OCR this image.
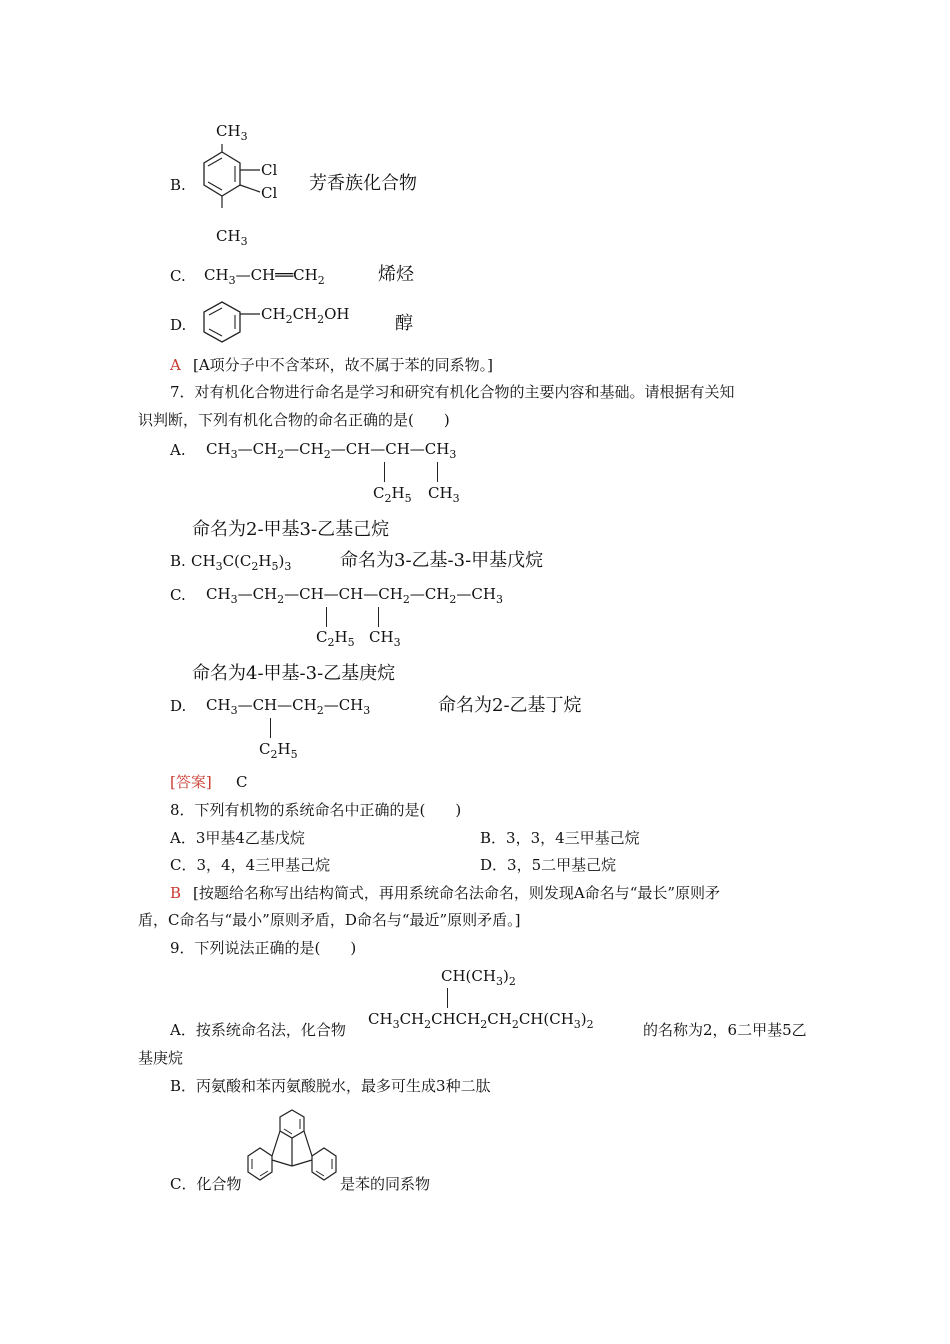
B.
$CH_3$
Cl
Cl
$CH_3$
芳香族化合物
C. $CH_3—CH══CH_2$	烯烃
D.
$CH_2CH_2OH$	醇
A [A项分子中不含苯环，故不属于苯的同系物。]
7．对有机化合物进行命名是学习和研究有机化合物的主要内容和基础。请根据有关知
识判断，下列有机化合物的命名正确的是(　　)
A. $CH_3—CH_2—CH_2—CH—CH—CH_3$
$C_2H_5$ $CH_3$
命名为2-甲基3-乙基己烷
B. $CH_3C(C_2H_5)_3$	命名为3-乙基-3-甲基戊烷
C. $CH_3—CH_2—CH—CH—CH_2—CH_2—CH_3$
$C_2H_5$ $CH_3$
命名为4-甲基-3-乙基庚烷
D. $CH_3—CH—CH_2—CH_3$
$C_2H_5$
命名为2-乙基丁烷
[答案] C
8．下列有机物的系统命名中正确的是(　　)
A．3甲基4乙基戊烷	B．3，3，4三甲基己烷
C．3，4，4三甲基己烷	D．3，5二甲基己烷
B [按题给名称写出结构简式，再用系统命名法命名，则发现A命名与“最长”原则矛
盾，C命名与“最小”原则矛盾，D命名与“最近”原则矛盾。]
9．下列说法正确的是(　　)
$CH(CH_3)_2$
$CH_3CH_2CHCH_2CH_2CH(CH_3)_2$
A．按系统命名法，化合物	的名称为2，6二甲基5乙
基庚烷
B．丙氨酸和苯丙氨酸脱水，最多可生成3种二肽
C．化合物	是苯的同系物
